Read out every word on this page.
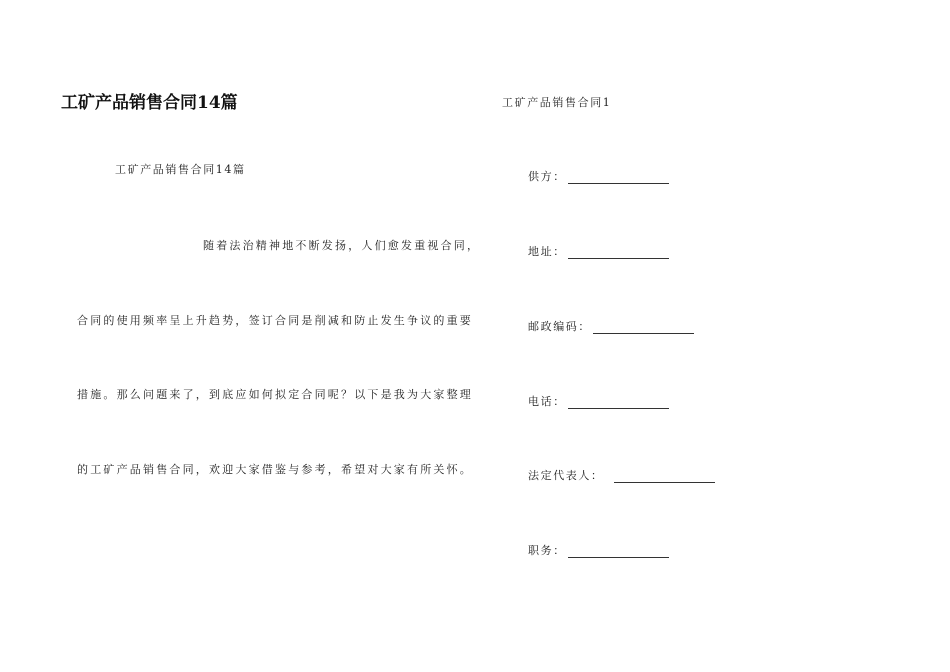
工矿产品销售合同14篇
工矿产品销售合同14篇
随着法治精神地不断发扬，人们愈发重视合同，
合同的使用频率呈上升趋势，签订合同是削减和防止发生争议的重要
措施。那么问题来了，到底应如何拟定合同呢？以下是我为大家整理
的工矿产品销售合同，欢迎大家借鉴与参考，希望对大家有所关怀。
工矿产品销售合同1
供方：
地址：
邮政编码：
电话：
法定代表人：
职务：
